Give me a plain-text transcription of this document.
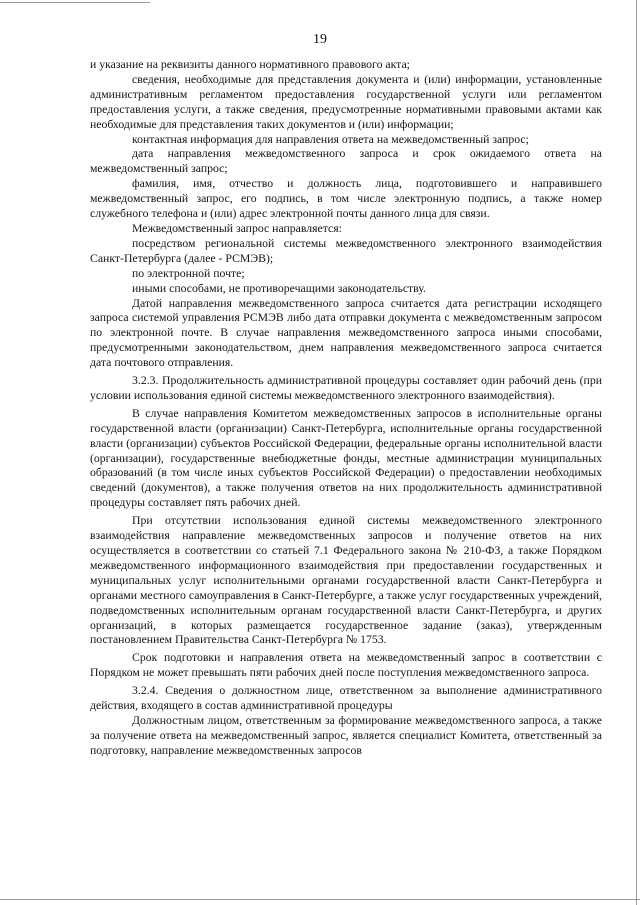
19

и указание на реквизиты данного нормативного правового акта;

сведения, необходимые для представления документа и (или) информации, установленные административным регламентом предоставления государственной услуги или регламентом предоставления услуги, а также сведения, предусмотренные нормативными правовыми актами как необходимые для представления таких документов и (или) информации;

контактная информация для направления ответа на межведомственный запрос;

дата направления межведомственного запроса и срок ожидаемого ответа на межведомственный запрос;

фамилия, имя, отчество и должность лица, подготовившего и направившего межведомственный запрос, его подпись, в том числе электронную подпись, а также номер служебного телефона и (или) адрес электронной почты данного лица для связи.

Межведомственный запрос направляется:

посредством региональной системы межведомственного электронного взаимодействия Санкт-Петербурга (далее - РСМЭВ);

по электронной почте;

иными способами, не противоречащими законодательству.

Датой направления межведомственного запроса считается дата регистрации исходящего запроса системой управления РСМЭВ либо дата отправки документа с межведомственным запросом по электронной почте. В случае направления межведомственного запроса иными способами, предусмотренными законодательством, днем направления межведомственного запроса считается дата почтового отправления.

3.2.3. Продолжительность административной процедуры составляет один рабочий день (при условии использования единой системы межведомственного электронного взаимодействия).

В случае направления Комитетом межведомственных запросов в исполнительные органы государственной власти (организации) Санкт-Петербурга, исполнительные органы государственной власти (организации) субъектов Российской Федерации, федеральные органы исполнительной власти (организации), государственные внебюджетные фонды, местные администрации муниципальных образований (в том числе иных субъектов Российской Федерации) о предоставлении необходимых сведений (документов), а также получения ответов на них продолжительность административной процедуры составляет пять рабочих дней.

При отсутствии использования единой системы межведомственного электронного взаимодействия направление межведомственных запросов и получение ответов на них осуществляется в соответствии со статьей 7.1 Федерального закона № 210-ФЗ, а также Порядком межведомственного информационного взаимодействия при предоставлении государственных и муниципальных услуг исполнительными органами государственной власти Санкт-Петербурга и органами местного самоуправления в Санкт-Петербурге, а также услуг государственных учреждений, подведомственных исполнительным органам государственной власти Санкт-Петербурга, и других организаций, в которых размещается государственное задание (заказ), утвержденным постановлением Правительства Санкт-Петербурга № 1753.

Срок подготовки и направления ответа на межведомственный запрос в соответствии с Порядком не может превышать пяти рабочих дней после поступления межведомственного запроса.

3.2.4. Сведения о должностном лице, ответственном за выполнение административного действия, входящего в состав административной процедуры

Должностным лицом, ответственным за формирование межведомственного запроса, а также за получение ответа на межведомственный запрос, является специалист Комитета, ответственный за подготовку, направление межведомственных запросов
